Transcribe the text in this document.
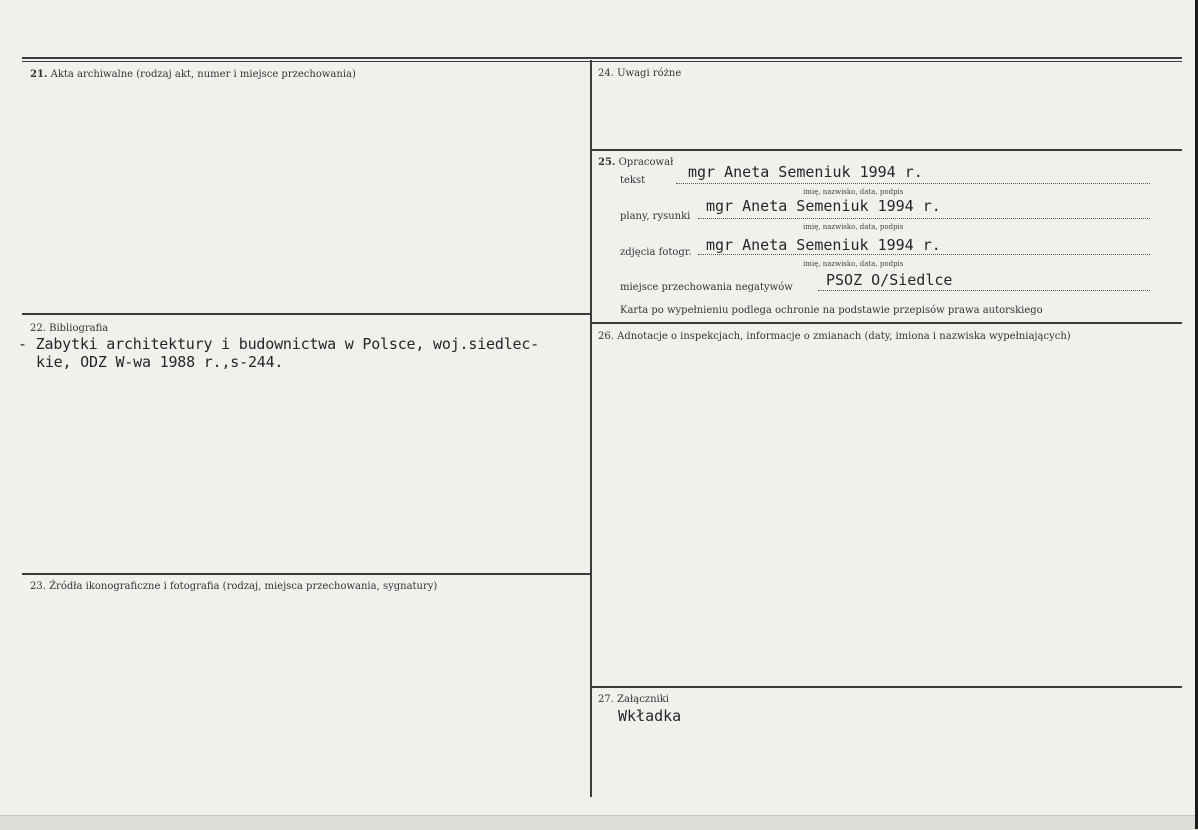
21. Akta archiwalne (rodzaj akt, numer i miejsce przechowania)
22. Bibliografia
- Zabytki architektury i budownictwa w Polsce, woj.siedlec-
kie, ODZ W-wa 1988 r.,s-244.
23. Źródła ikonograficzne i fotografia (rodzaj, miejsca przechowania, sygnatury)
24. Uwagi różne
25. Opracował
tekst	mgr Aneta Semeniuk 1994 r.
imię, nazwisko, data, podpis
plany, rysunki
mgr Aneta Semeniuk 1994 r.
imię, nazwisko, data, podpis
zdjęcia fotogr. mgr Aneta Semeniuk 1994 r.
imię, nazwisko, data, podpis
miejsce przechowania negatywów PSOZ O/Siedlce
Karta po wypełnieniu podlega ochronie na podstawie przepisów prawa autorskiego
26. Adnotacje o inspekcjach, informacje o zmianach (daty, imiona i nazwiska wypełniających)
27. Załączniki
Wkładka
